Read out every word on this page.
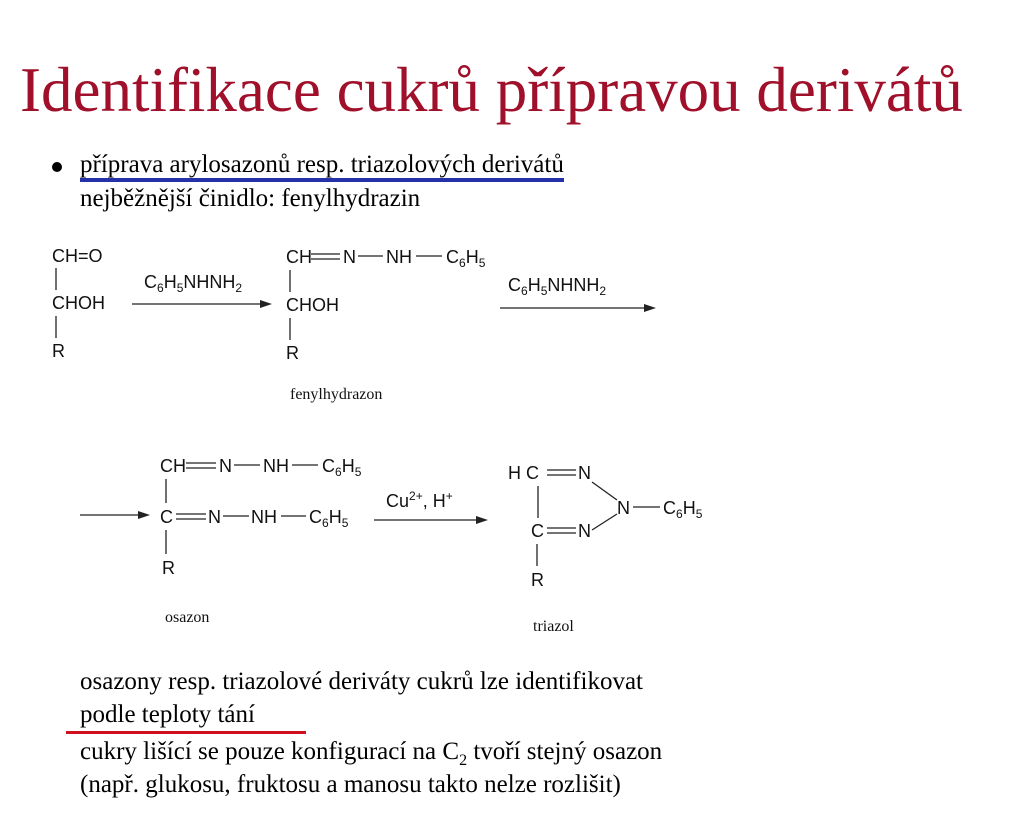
Identifikace cukrů přípravou derivátů
příprava arylosazonů resp. triazolových derivátů
nejběžnější činidlo: fenylhydrazin
CH=O
CHOH
R
$C_6H_5NHNH_2$
CH N NH $C_6H_5$
CHOH
R
fenylhydrazon
$C_6H_5NHNH_2$
CH N NH $C_6H_5$
C N NH $C_6H_5$
R
osazon
$Cu^{2+}$, H+
H C N
N $C_6H_5$
C N
R
triazol
osazony resp. triazolové deriváty cukrů lze identifikovat
podle teploty tání
cukry lišící se pouze konfigurací na $C_2$ tvoří stejný osazon
(např. glukosu, fruktosu a manosu takto nelze rozlišit)
